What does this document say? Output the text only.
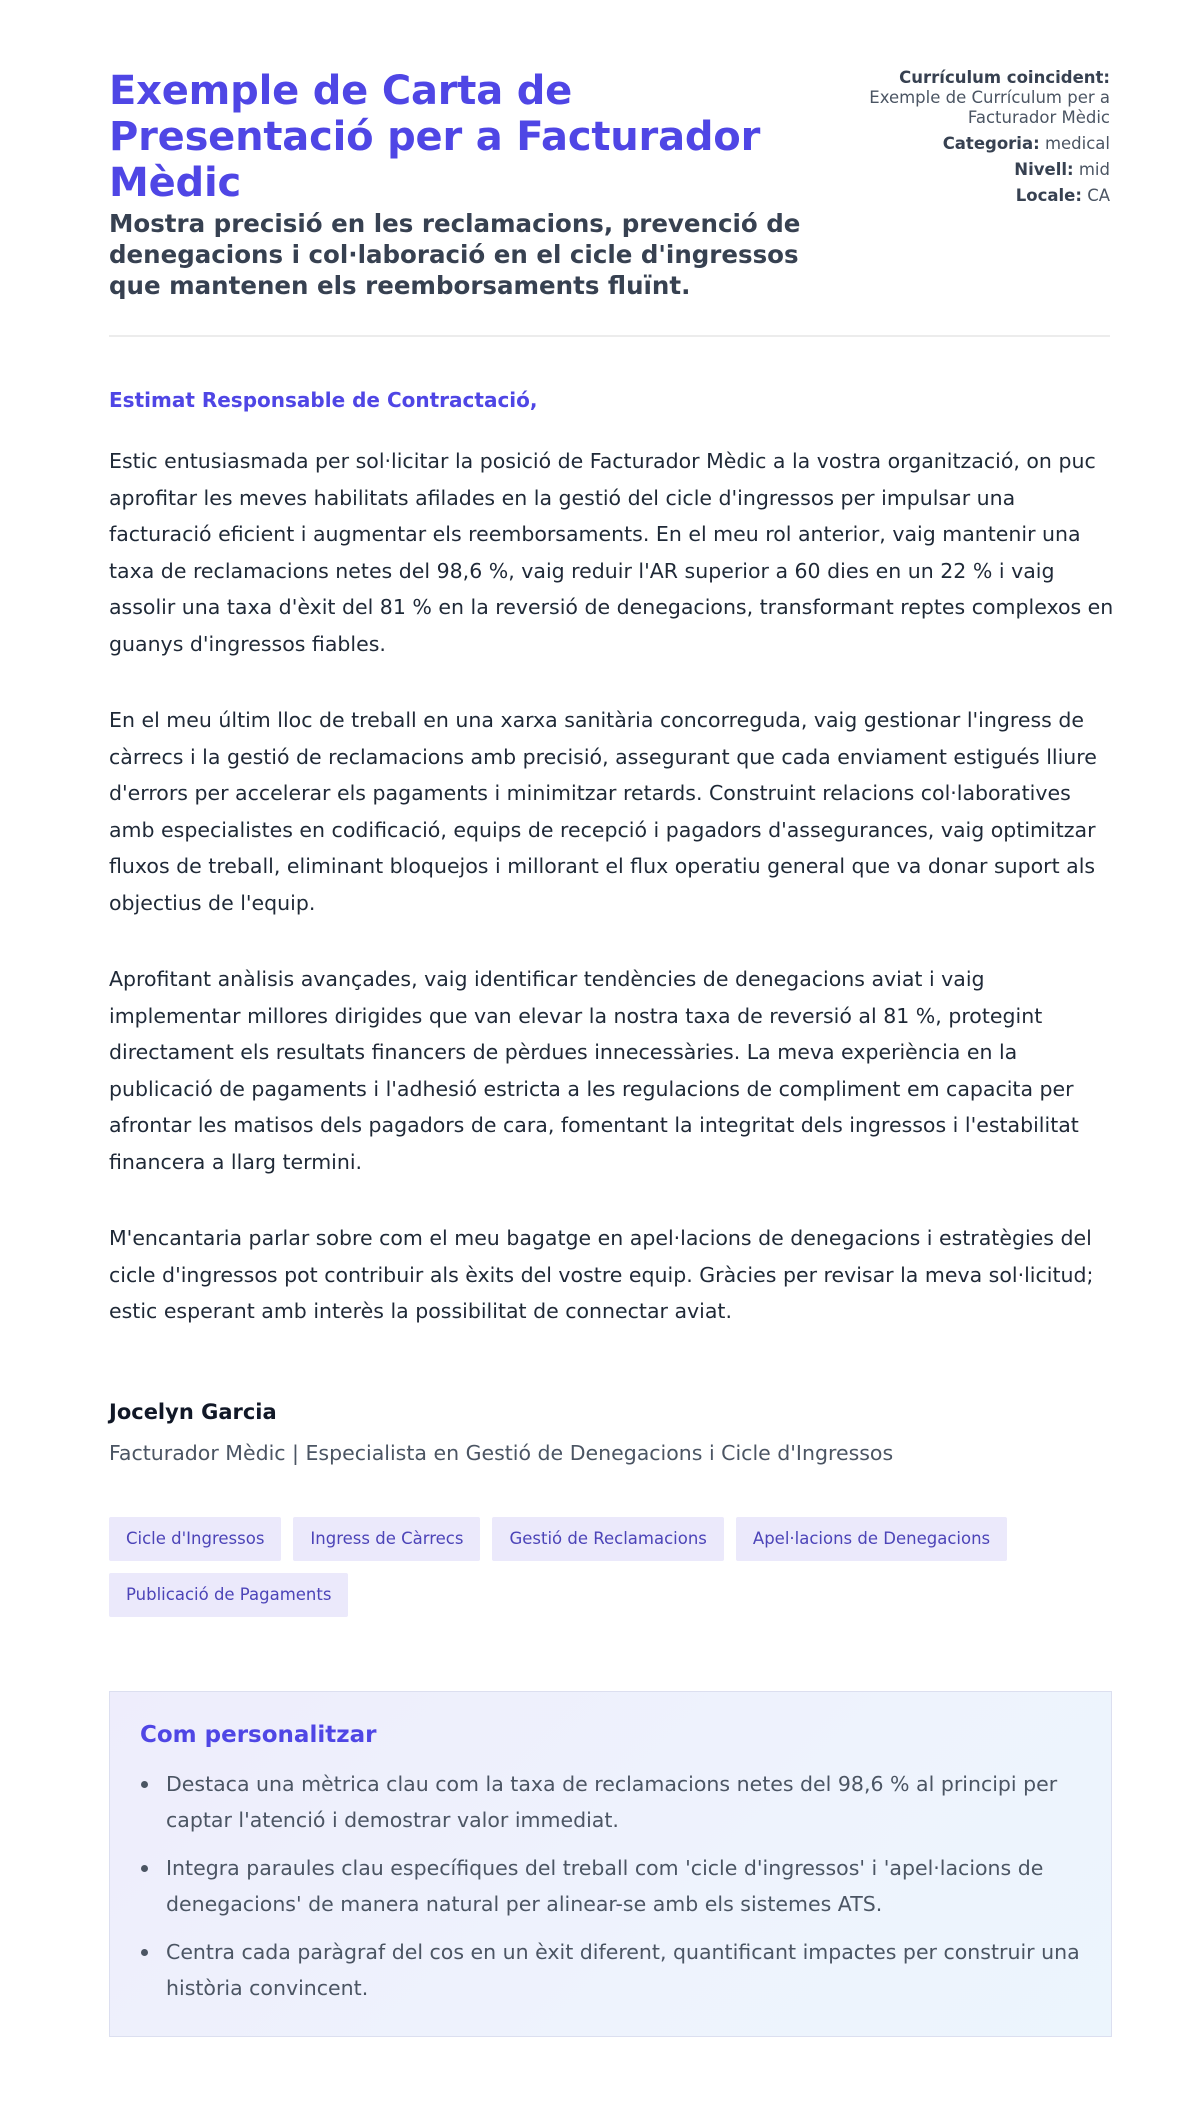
Exemple de Carta de Presentació per a Facturador Mèdic
Mostra precisió en les reclamacions, prevenció de denegacions i col·laboració en el cicle d'ingressos que mantenen els reemborsaments fluïnt.
Currículum coincident:
Exemple de Currículum per a Facturador Mèdic
Categoria: medical
Nivell: mid
Locale: CA

Estimat Responsable de Contractació,

Estic entusiasmada per sol·licitar la posició de Facturador Mèdic a la vostra organització, on puc aprofitar les meves habilitats afilades en la gestió del cicle d'ingressos per impulsar una facturació eficient i augmentar els reemborsaments. En el meu rol anterior, vaig mantenir una taxa de reclamacions netes del 98,6 %, vaig reduir l'AR superior a 60 dies en un 22 % i vaig assolir una taxa d'èxit del 81 % en la reversió de denegacions, transformant reptes complexos en guanys d'ingressos fiables.

En el meu últim lloc de treball en una xarxa sanitària concorreguda, vaig gestionar l'ingress de càrrecs i la gestió de reclamacions amb precisió, assegurant que cada enviament estigués lliure d'errors per accelerar els pagaments i minimitzar retards. Construint relacions col·laboratives amb especialistes en codificació, equips de recepció i pagadors d'assegurances, vaig optimitzar fluxos de treball, eliminant bloquejos i millorant el flux operatiu general que va donar suport als objectius de l'equip.

Aprofitant anàlisis avançades, vaig identificar tendències de denegacions aviat i vaig implementar millores dirigides que van elevar la nostra taxa de reversió al 81 %, protegint directament els resultats financers de pèrdues innecessàries. La meva experiència en la publicació de pagaments i l'adhesió estricta a les regulacions de compliment em capacita per afrontar les matisos dels pagadors de cara, fomentant la integritat dels ingressos i l'estabilitat financera a llarg termini.

M'encantaria parlar sobre com el meu bagatge en apel·lacions de denegacions i estratègies del cicle d'ingressos pot contribuir als èxits del vostre equip. Gràcies per revisar la meva sol·licitud; estic esperant amb interès la possibilitat de connectar aviat.

Jocelyn Garcia
Facturador Mèdic | Especialista en Gestió de Denegacions i Cicle d'Ingressos
Cicle d'Ingressos	Ingress de Càrrecs	Gestió de Reclamacions	Apel·lacions de Denegacions
Publicació de Pagaments
Com personalitzar
Destaca una mètrica clau com la taxa de reclamacions netes del 98,6 % al principi per captar l'atenció i demostrar valor immediat.
Integra paraules clau específiques del treball com 'cicle d'ingressos' i 'apel·lacions de denegacions' de manera natural per alinear-se amb els sistemes ATS.
Centra cada paràgraf del cos en un èxit diferent, quantificant impactes per construir una història convincent.
